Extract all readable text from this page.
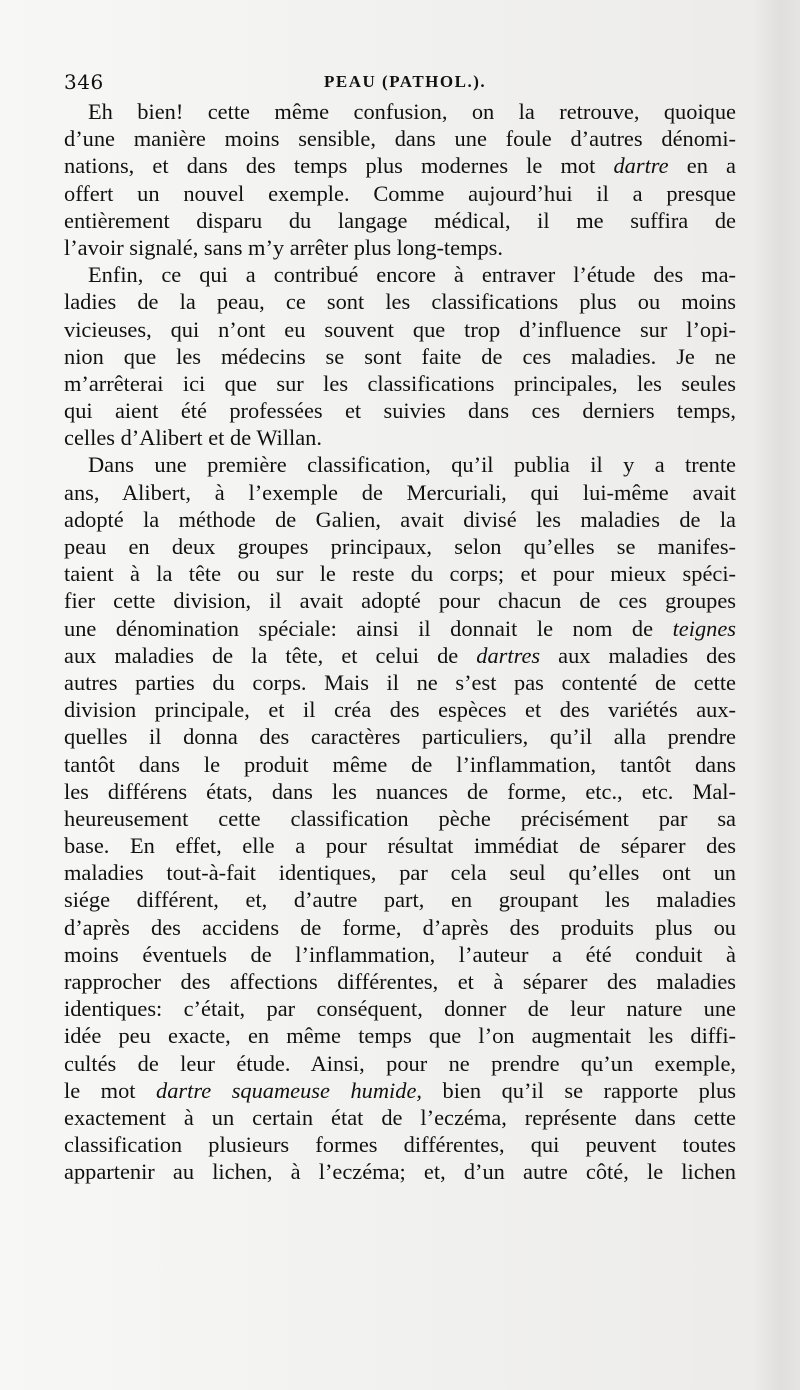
346	PEAU (PATHOL.).
Eh bien! cette même confusion, on la retrouve, quoique
d’une manière moins sensible, dans une foule d’autres dénomi-
nations, et dans des temps plus modernes le mot dartre en a
offert un nouvel exemple. Comme aujourd’hui il a presque
entièrement disparu du langage médical, il me suffira de
l’avoir signalé, sans m’y arrêter plus long-temps.
Enfin, ce qui a contribué encore à entraver l’étude des ma-
ladies de la peau, ce sont les classifications plus ou moins
vicieuses, qui n’ont eu souvent que trop d’influence sur l’opi-
nion que les médecins se sont faite de ces maladies. Je ne
m’arrêterai ici que sur les classifications principales, les seules
qui aient été professées et suivies dans ces derniers temps,
celles d’Alibert et de Willan.
Dans une première classification, qu’il publia il y a trente
ans, Alibert, à l’exemple de Mercuriali, qui lui-même avait
adopté la méthode de Galien, avait divisé les maladies de la
peau en deux groupes principaux, selon qu’elles se manifes-
taient à la tête ou sur le reste du corps; et pour mieux spéci-
fier cette division, il avait adopté pour chacun de ces groupes
une dénomination spéciale: ainsi il donnait le nom de teignes
aux maladies de la tête, et celui de dartres aux maladies des
autres parties du corps. Mais il ne s’est pas contenté de cette
division principale, et il créa des espèces et des variétés aux-
quelles il donna des caractères particuliers, qu’il alla prendre
tantôt dans le produit même de l’inflammation, tantôt dans
les différens états, dans les nuances de forme, etc., etc. Mal-
heureusement cette classification pèche précisément par sa
base. En effet, elle a pour résultat immédiat de séparer des
maladies tout-à-fait identiques, par cela seul qu’elles ont un
siége différent, et, d’autre part, en groupant les maladies
d’après des accidens de forme, d’après des produits plus ou
moins éventuels de l’inflammation, l’auteur a été conduit à
rapprocher des affections différentes, et à séparer des maladies
identiques: c’était, par conséquent, donner de leur nature une
idée peu exacte, en même temps que l’on augmentait les diffi-
cultés de leur étude. Ainsi, pour ne prendre qu’un exemple,
le mot dartre squameuse humide, bien qu’il se rapporte plus
exactement à un certain état de l’eczéma, représente dans cette
classification plusieurs formes différentes, qui peuvent toutes
appartenir au lichen, à l’eczéma; et, d’un autre côté, le lichen
